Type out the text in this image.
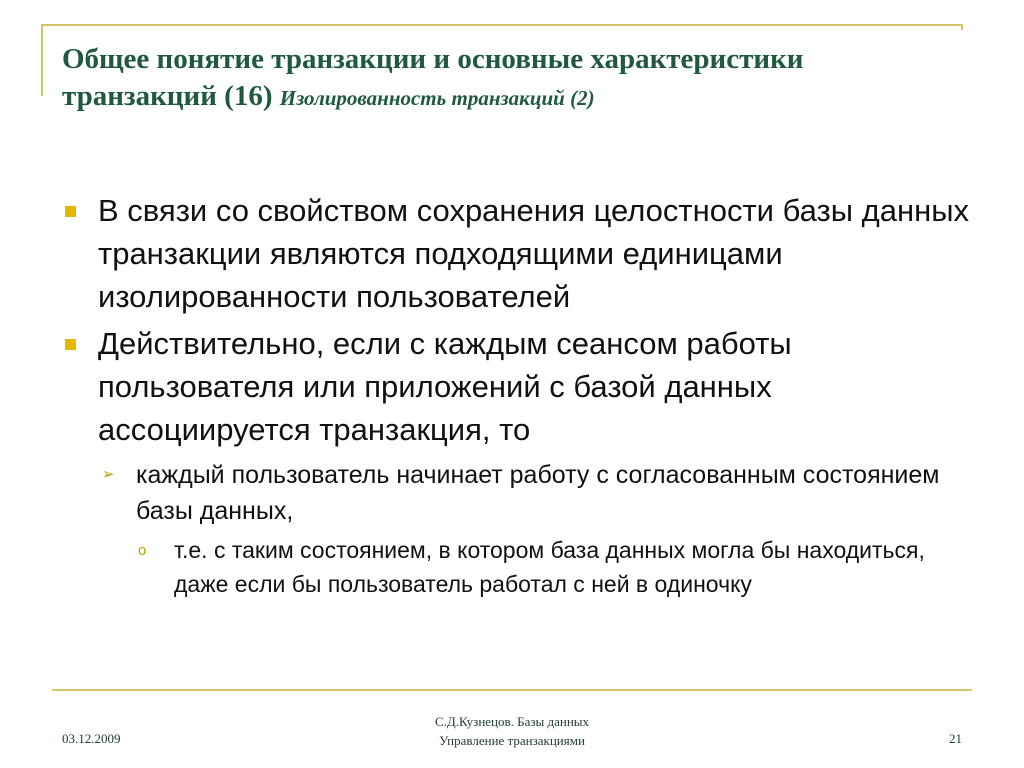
Общее понятие транзакции и основные характеристики транзакций (16) Изолированность транзакций (2)
В связи со свойством сохранения целостности базы данных транзакции являются подходящими единицами изолированности пользователей
Действительно, если с каждым сеансом работы пользователя или приложений с базой данных ассоциируется транзакция, то
➢ каждый пользователь начинает работу с согласованным состоянием базы данных,
o т.е. с таким состоянием, в котором база данных могла бы находиться, даже если бы пользователь работал с ней в одиночку
03.12.2009
С.Д.Кузнецов. Базы данных
Управление транзакциями	21
